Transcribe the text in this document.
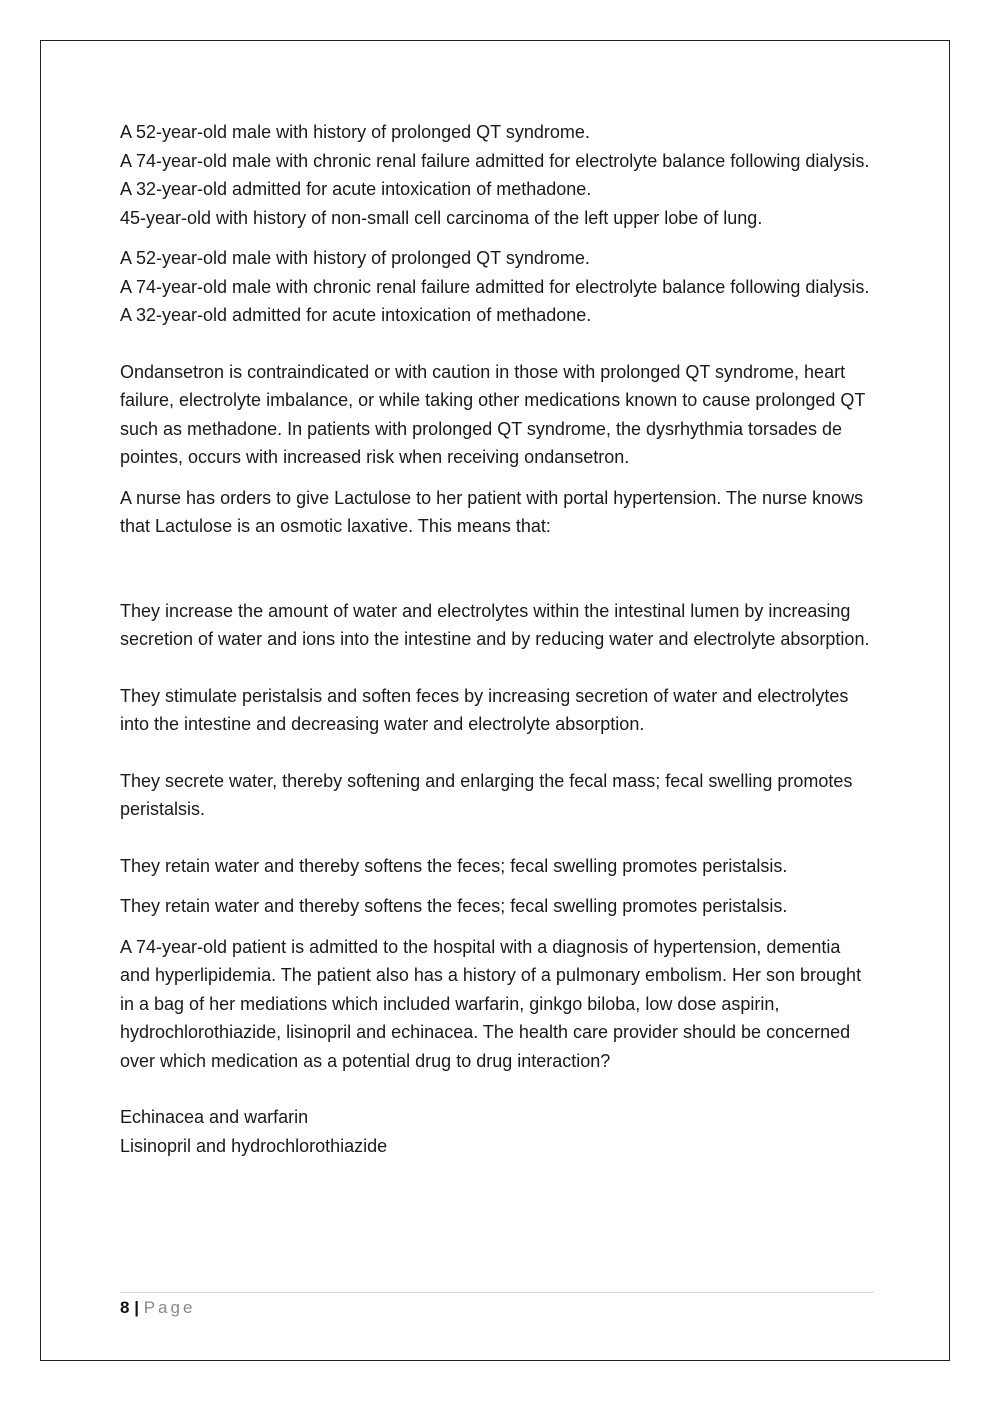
A 52-year-old male with history of prolonged QT syndrome.

A 74-year-old male with chronic renal failure admitted for electrolyte balance following dialysis.

A 32-year-old admitted for acute intoxication of methadone.

45-year-old with history of non-small cell carcinoma of the left upper lobe of lung.

A 52-year-old male with history of prolonged QT syndrome.

A 74-year-old male with chronic renal failure admitted for electrolyte balance following dialysis.

A 32-year-old admitted for acute intoxication of methadone.

Ondansetron is contraindicated or with caution in those with prolonged QT syndrome, heart failure, electrolyte imbalance, or while taking other medications known to cause prolonged QT such as methadone. In patients with prolonged QT syndrome, the dysrhythmia torsades de pointes, occurs with increased risk when receiving ondansetron.

A nurse has orders to give Lactulose to her patient with portal hypertension. The nurse knows that Lactulose is an osmotic laxative. This means that:

They increase the amount of water and electrolytes within the intestinal lumen by increasing secretion of water and ions into the intestine and by reducing water and electrolyte absorption.

They stimulate peristalsis and soften feces by increasing secretion of water and electrolytes into the intestine and decreasing water and electrolyte absorption.

They secrete water, thereby softening and enlarging the fecal mass; fecal swelling promotes peristalsis.

They retain water and thereby softens the feces; fecal swelling promotes peristalsis.

They retain water and thereby softens the feces; fecal swelling promotes peristalsis.

A 74-year-old patient is admitted to the hospital with a diagnosis of hypertension, dementia and hyperlipidemia. The patient also has a history of a pulmonary embolism. Her son brought in a bag of her mediations which included warfarin, ginkgo biloba, low dose aspirin, hydrochlorothiazide, lisinopril and echinacea. The health care provider should be concerned over which medication as a potential drug to drug interaction?

Echinacea and warfarin

Lisinopril and hydrochlorothiazide

8 | Page
